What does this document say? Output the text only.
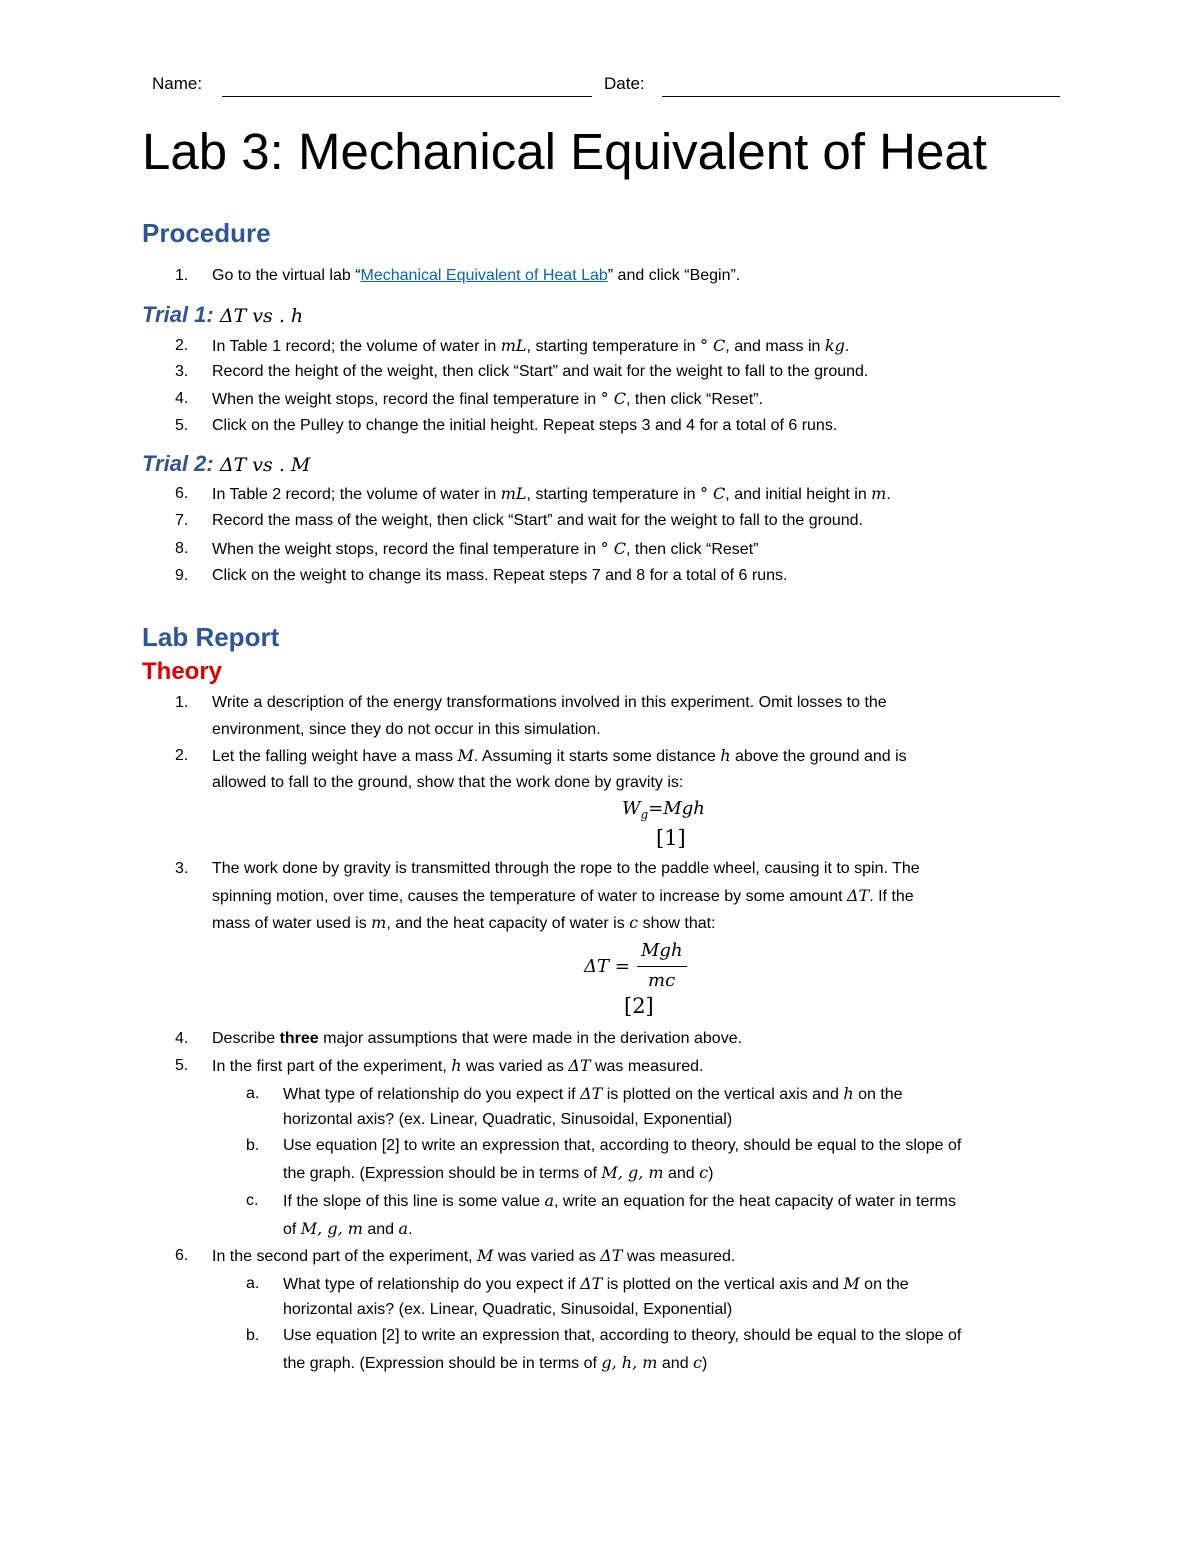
Name:	Date:
Lab 3: Mechanical Equivalent of Heat
Procedure
1. Go to the virtual lab “Mechanical Equivalent of Heat Lab” and click “Begin”.
Trial 1: ΔT vs . h
2. In Table 1 record; the volume of water in mL, starting temperature in ° C, and mass in kg.
3. Record the height of the weight, then click “Start” and wait for the weight to fall to the ground.
4. When the weight stops, record the final temperature in ° C, then click “Reset”.
5. Click on the Pulley to change the initial height. Repeat steps 3 and 4 for a total of 6 runs.
Trial 2: ΔT vs . M
6. In Table 2 record; the volume of water in mL, starting temperature in ° C, and initial height in m.
7. Record the mass of the weight, then click “Start” and wait for the weight to fall to the ground.
8. When the weight stops, record the final temperature in ° C, then click “Reset”
9. Click on the weight to change its mass. Repeat steps 7 and 8 for a total of 6 runs.
Lab Report
Theory
1. Write a description of the energy transformations involved in this experiment. Omit losses to the
environment, since they do not occur in this simulation.
2. Let the falling weight have a mass M. Assuming it starts some distance h above the ground and is
allowed to fall to the ground, show that the work done by gravity is:
$W_g=Mgh$
[1]
3. The work done by gravity is transmitted through the rope to the paddle wheel, causing it to spin. The
spinning motion, over time, causes the temperature of water to increase by some amount ΔT. If the
mass of water used is m, and the heat capacity of water is c show that:
ΔT =
Mgh
mc
[2]
4. Describe three major assumptions that were made in the derivation above.
5. In the first part of the experiment, h was varied as ΔT was measured.
a. What type of relationship do you expect if ΔT is plotted on the vertical axis and h on the
horizontal axis? (ex. Linear, Quadratic, Sinusoidal, Exponential)
b. Use equation [2] to write an expression that, according to theory, should be equal to the slope of
the graph. (Expression should be in terms of M, g, m and c)
c. If the slope of this line is some value a, write an equation for the heat capacity of water in terms
of M, g, m and a.
6. In the second part of the experiment, M was varied as ΔT was measured.
a. What type of relationship do you expect if ΔT is plotted on the vertical axis and M on the
horizontal axis? (ex. Linear, Quadratic, Sinusoidal, Exponential)
b. Use equation [2] to write an expression that, according to theory, should be equal to the slope of
the graph. (Expression should be in terms of g, h, m and c)
